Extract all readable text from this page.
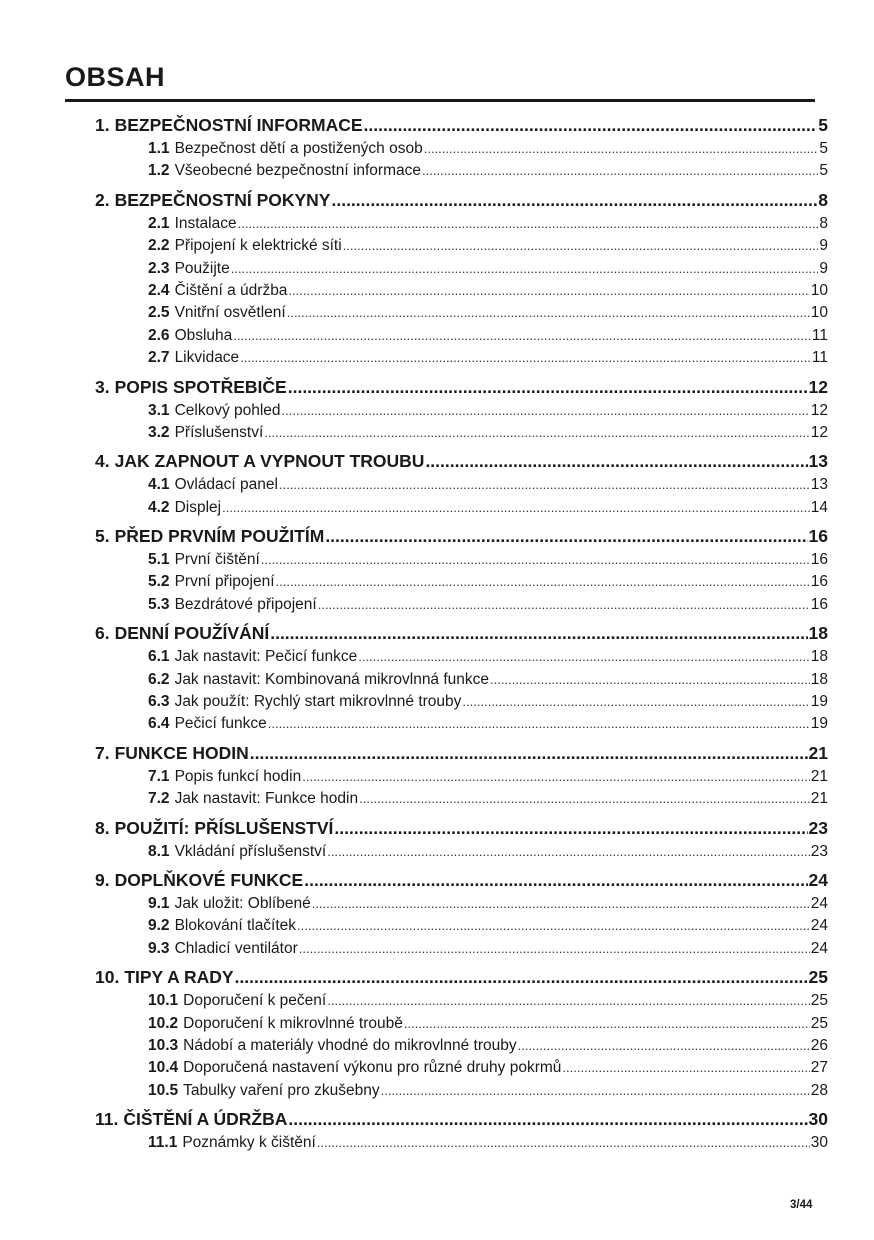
OBSAH
1. BEZPEČNOSTNÍ INFORMACE .....	5
1.1 Bezpečnost dětí a postižených osob .....	5
1.2 Všeobecné bezpečnostní informace .....	5
2. BEZPEČNOSTNÍ POKYNY .....	8
2.1 Instalace .....	8
2.2 Připojení k elektrické síti .....	9
2.3 Použijte .....	9
2.4 Čištění a údržba .....	10
2.5 Vnitřní osvětlení .....	10
2.6 Obsluha .....	11
2.7 Likvidace .....	11
3. POPIS SPOTŘEBIČE .....	12
3.1 Celkový pohled .....	12
3.2 Příslušenství .....	12
4. JAK ZAPNOUT A VYPNOUT TROUBU .....	13
4.1 Ovládací panel .....	13
4.2 Displej .....	14
5. PŘED PRVNÍM POUŽITÍM .....	16
5.1 První čištění .....	16
5.2 První připojení .....	16
5.3 Bezdrátové připojení .....	16
6. DENNÍ POUŽÍVÁNÍ .....	18
6.1 Jak nastavit: Pečicí funkce .....	18
6.2 Jak nastavit: Kombinovaná mikrovlnná funkce .....	18
6.3 Jak použít: Rychlý start mikrovlnné trouby .....	19
6.4 Pečicí funkce .....	19
7. FUNKCE HODIN .....	21
7.1 Popis funkcí hodin .....	21
7.2 Jak nastavit: Funkce hodin .....	21
8. POUŽITÍ: PŘÍSLUŠENSTVÍ .....	23
8.1 Vkládání příslušenství .....	23
9. DOPLŇKOVÉ FUNKCE .....	24
9.1 Jak uložit: Oblíbené .....	24
9.2 Blokování tlačítek .....	24
9.3 Chladicí ventilátor .....	24
10. TIPY A RADY .....	25
10.1 Doporučení k pečení .....	25
10.2 Doporučení k mikrovlnné troubě .....	25
10.3 Nádobí a materiály vhodné do mikrovlnné trouby .....	26
10.4 Doporučená nastavení výkonu pro různé druhy pokrmů .....	27
10.5 Tabulky vaření pro zkušebny .....	28
11. ČIŠTĚNÍ A ÚDRŽBA .....	30
11.1 Poznámky k čištění .....	30
3/44
